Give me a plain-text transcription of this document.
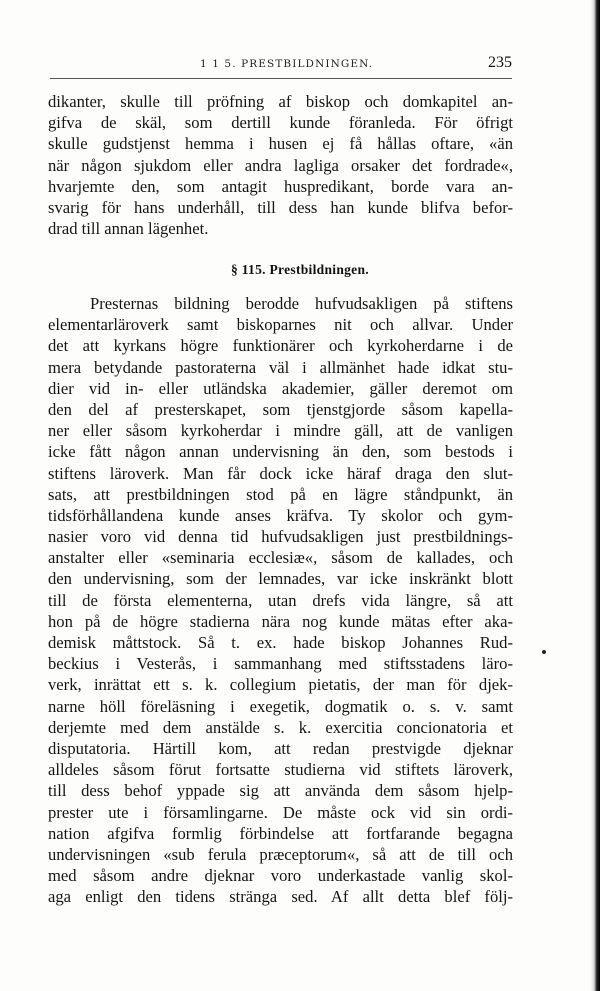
1 1 5. PRESTBILDNINGEN.	235
dikanter, skulle till pröfning af biskop och domkapitel an-
gifva de skäl, som dertill kunde föranleda. För öfrigt
skulle gudstjenst hemma i husen ej få hållas oftare, «än
när någon sjukdom eller andra lagliga orsaker det fordrade«,
hvarjemte den, som antagit huspredikant, borde vara an-
svarig för hans underhåll, till dess han kunde blifva befor-
drad till annan lägenhet.
§ 115. Prestbildningen.
Presternas bildning berodde hufvudsakligen på stiftens
elementarläroverk samt biskoparnes nit och allvar. Under
det att kyrkans högre funktionärer och kyrkoherdarne i de
mera betydande pastoraterna väl i allmänhet hade idkat stu-
dier vid in- eller utländska akademier, gäller deremot om
den del af presterskapet, som tjenstgjorde såsom kapella-
ner eller såsom kyrkoherdar i mindre gäll, att de vanligen
icke fått någon annan undervisning än den, som bestods i
stiftens läroverk. Man får dock icke häraf draga den slut-
sats, att prestbildningen stod på en lägre ståndpunkt, än
tidsförhållandena kunde anses kräfva. Ty skolor och gym-
nasier voro vid denna tid hufvudsakligen just prestbildnings-
anstalter eller «seminaria ecclesiæ«, såsom de kallades, och
den undervisning, som der lemnades, var icke inskränkt blott
till de första elementerna, utan drefs vida längre, så att
hon på de högre stadierna nära nog kunde mätas efter aka-
demisk måttstock. Så t. ex. hade biskop Johannes Rud-
beckius i Vesterås, i sammanhang med stiftsstadens läro-
verk, inrättat ett s. k. collegium pietatis, der man för djek-
narne höll föreläsning i exegetik, dogmatik o. s. v. samt
derjemte med dem anstälde s. k. exercitia concionatoria et
disputatoria. Härtill kom, att redan prestvigde djeknar
alldeles såsom förut fortsatte studierna vid stiftets läroverk,
till dess behof yppade sig att använda dem såsom hjelp-
prester ute i församlingarne. De måste ock vid sin ordi-
nation afgifva formlig förbindelse att fortfarande begagna
undervisningen «sub ferula præceptorum«, så att de till och
med såsom andre djeknar voro underkastade vanlig skol-
aga enligt den tidens stränga sed. Af allt detta blef följ-
